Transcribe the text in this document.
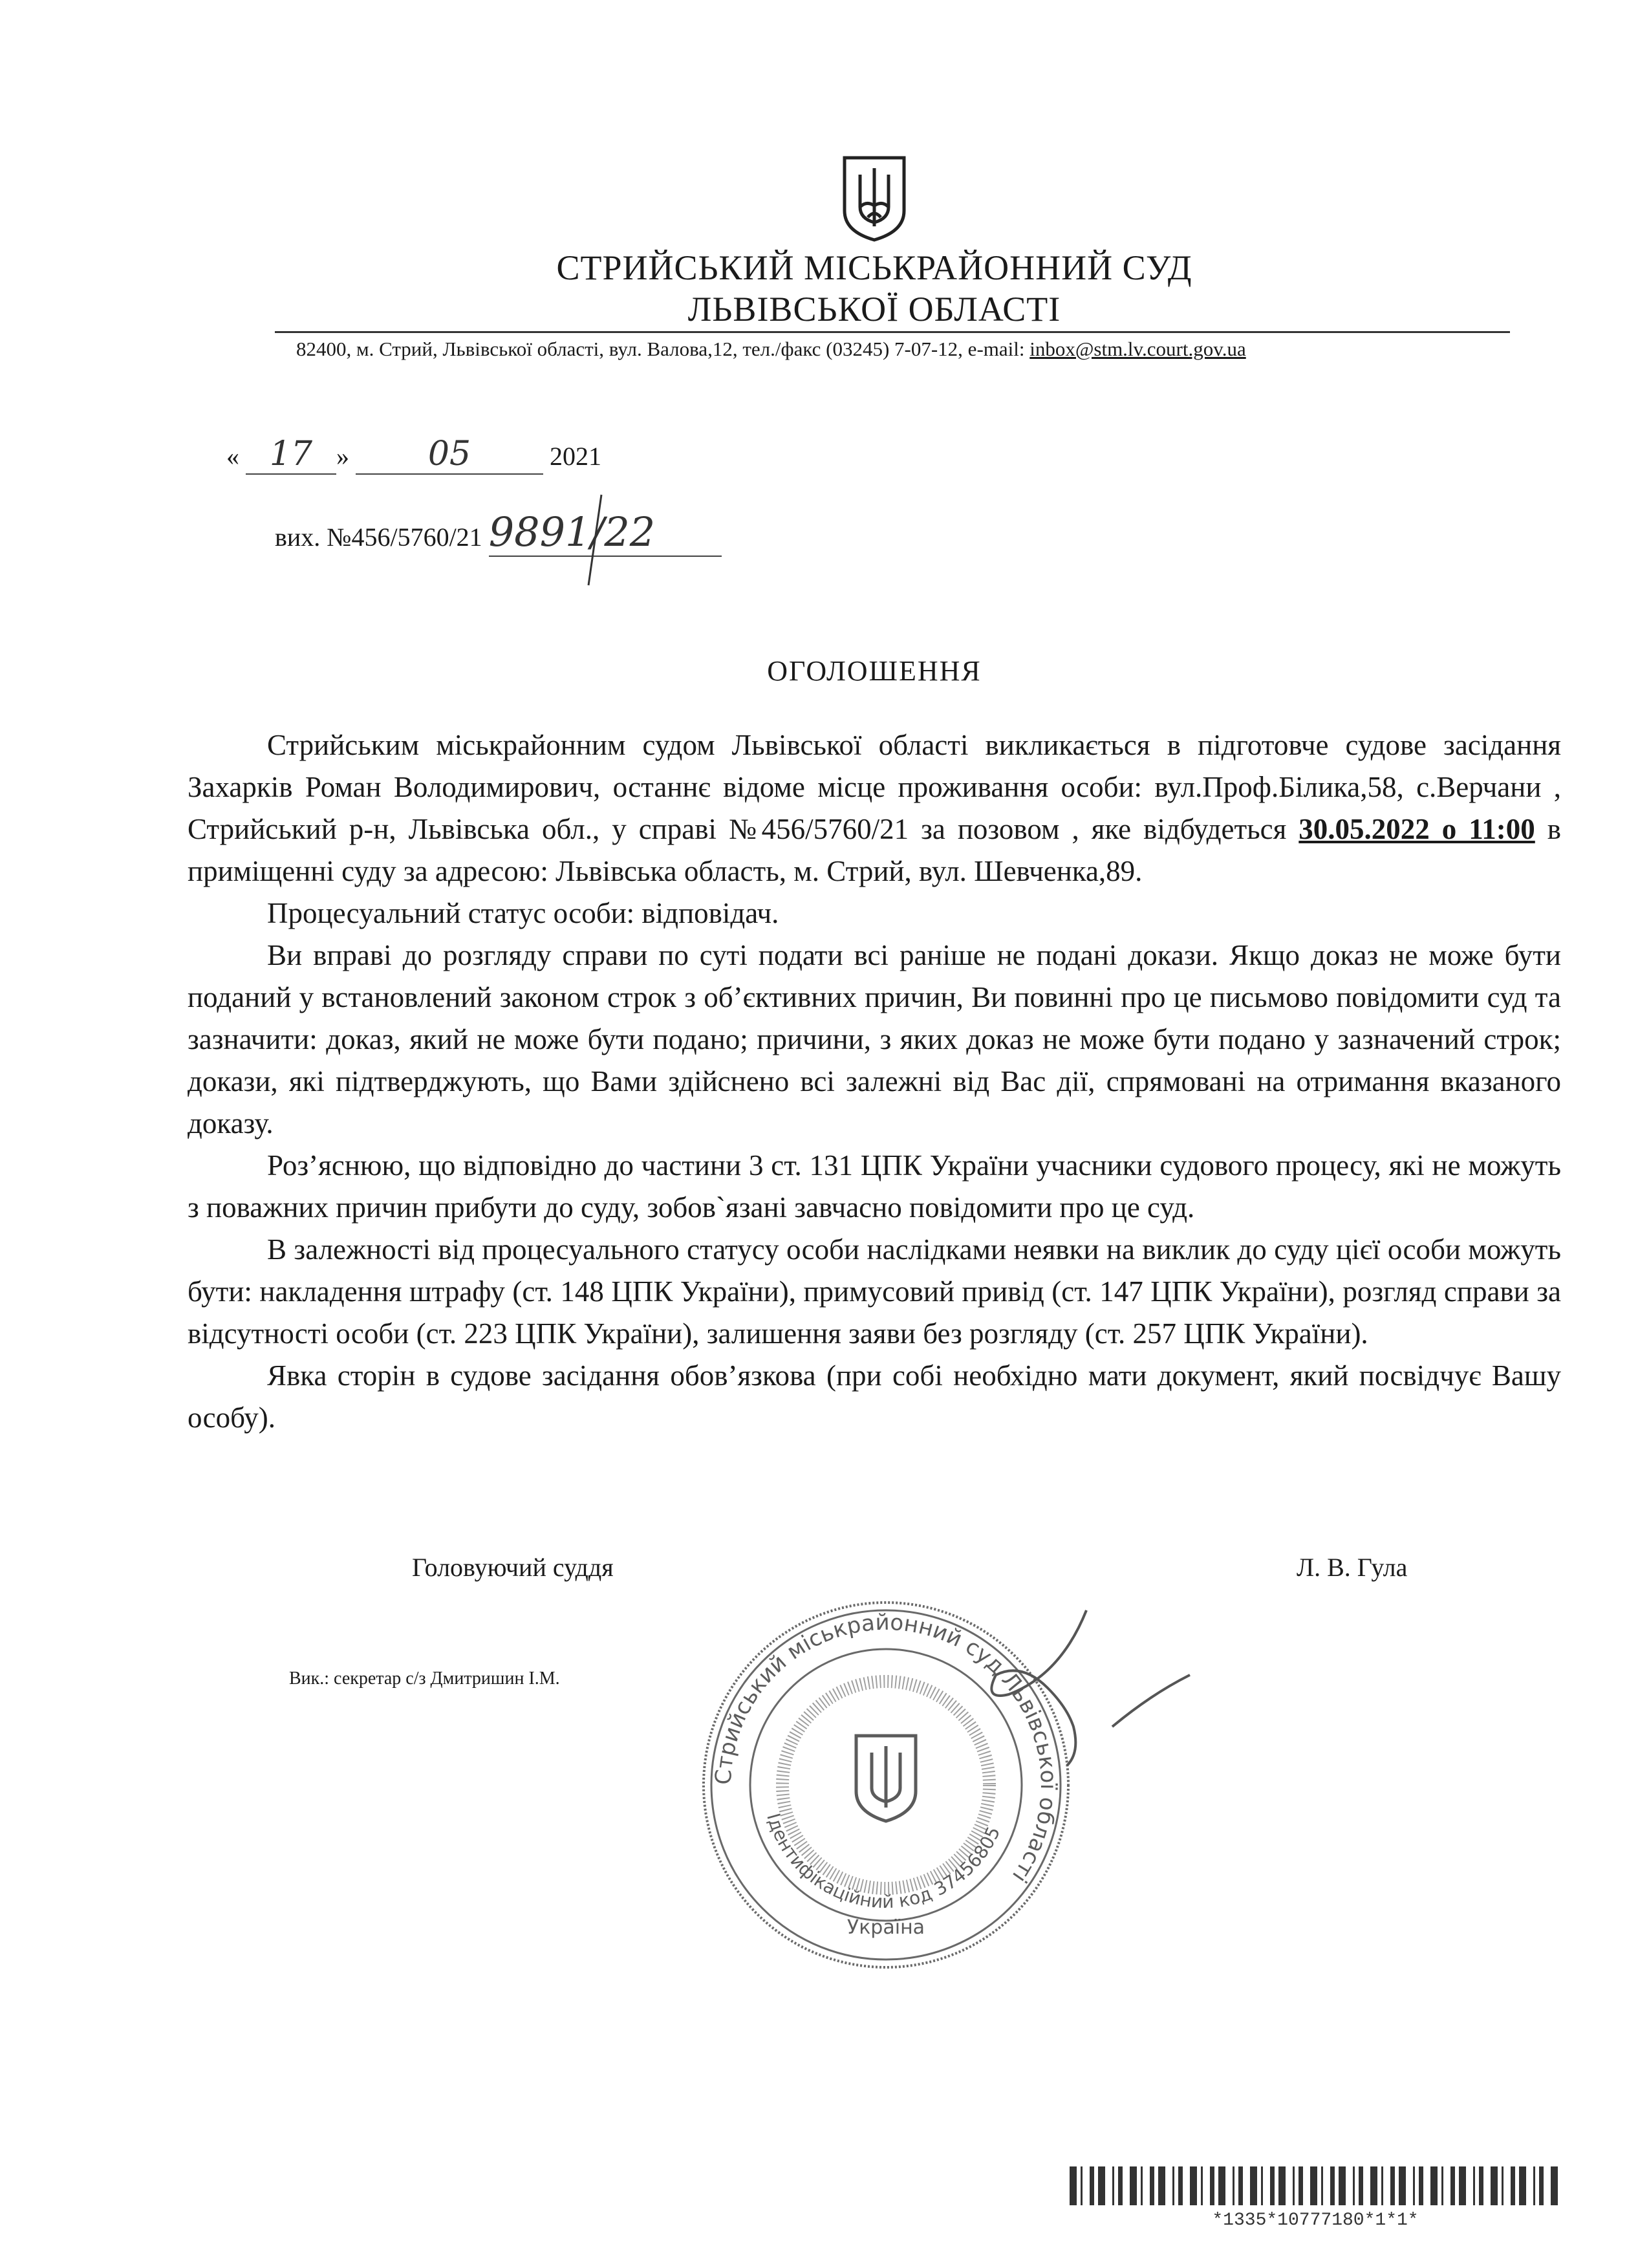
СТРИЙСЬКИЙ МІСЬКРАЙОННИЙ СУД
ЛЬВІВСЬКОЇ ОБЛАСТІ
82400, м. Стрий, Львівської області, вул. Валова,12, тел./факс (03245) 7-07-12, e-mail: inbox@stm.lv.court.gov.ua
« 17 » 05	2021
вих. №456/5760/21 9891/22
ОГОЛОШЕННЯ

Стрийським міськрайонним судом Львівської області викликається в підготовче судове засідання Захарків Роман Володимирович, останнє відоме місце проживання особи: вул.Проф.Білика,58, с.Верчани , Стрийський р-н, Львівська обл., у справі №456/5760/21 за позовом , яке відбудеться 30.05.2022 о 11:00 в приміщенні суду за адресою: Львівська область, м. Стрий, вул. Шевченка,89.

Процесуальний статус особи: відповідач.

Ви вправі до розгляду справи по суті подати всі раніше не подані докази. Якщо доказ не може бути поданий у встановлений законом строк з об’єктивних причин, Ви повинні про це письмово повідомити суд та зазначити: доказ, який не може бути подано; причини, з яких доказ не може бути подано у зазначений строк; докази, які підтверджують, що Вами здійснено всі залежні від Вас дії, спрямовані на отримання вказаного доказу.

Роз’яснюю, що відповідно до частини 3 ст. 131 ЦПК України учасники судового процесу, які не можуть з поважних причин прибути до суду, зобов`язані завчасно повідомити про це суд.

В залежності від процесуального статусу особи наслідками неявки на виклик до суду цієї особи можуть бути: накладення штрафу (ст. 148 ЦПК України), примусовий привід (ст. 147 ЦПК України), розгляд справи за відсутності особи (ст. 223 ЦПК України), залишення заяви без розгляду (ст. 257 ЦПК України).

Явка сторін в судове засідання обов’язкова (при собі необхідно мати документ, який посвідчує Вашу особу).

Головуючий суддя	Л. В. Гула
Стрийський міськрайонний суд Львівської області
Ідентифікаційний код 37456805
Україна
Вик.: секретар с/з Дмитришин І.М.
*1335*10777180*1*1*
